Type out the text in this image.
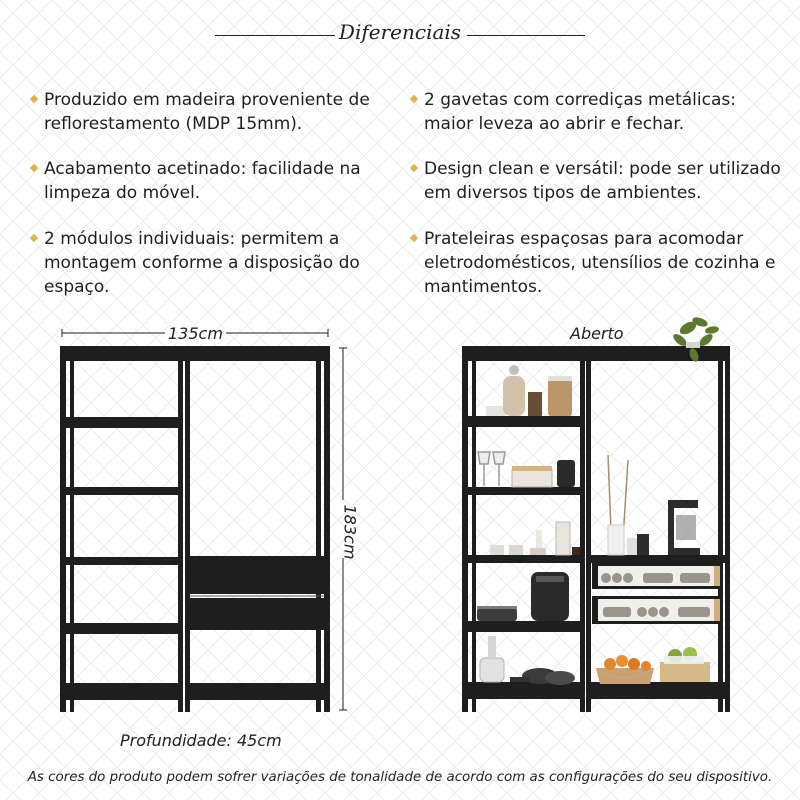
Diferenciais
Produzido em madeira proveniente de
reflorestamento (MDP 15mm).
Acabamento acetinado: facilidade na
limpeza do móvel.
2 módulos individuais: permitem a
montagem conforme a disposição do
espaço.
2 gavetas com corrediças metálicas:
maior leveza ao abrir e fechar.
Design clean e versátil: pode ser utilizado
em diversos tipos de ambientes.
Prateleiras espaçosas para acomodar
eletrodomésticos, utensílios de cozinha e
mantimentos.
135cm
183cm
Profundidade: 45cm
Aberto
As cores do produto podem sofrer variações de tonalidade de acordo com as configurações do seu dispositivo.
